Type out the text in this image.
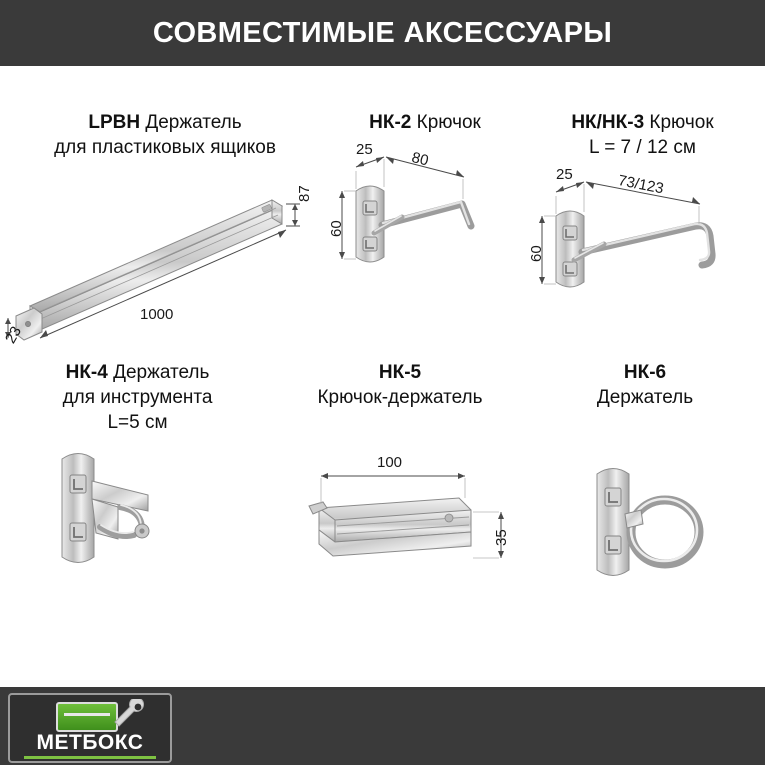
СОВМЕСТИМЫЕ АКСЕССУАРЫ
LPBH Держатель
для пластиковых ящиков
87
1000
23
НК-2 Крючок
25 80
60
НК/НК-3 Крючок
L = 7 / 12 см
25	73/123
60
НК-4 Держатель
для инструмента
L=5 см
НК-5
Крючок-держатель
100
35
НК-6
Держатель
МЕТБОКС
